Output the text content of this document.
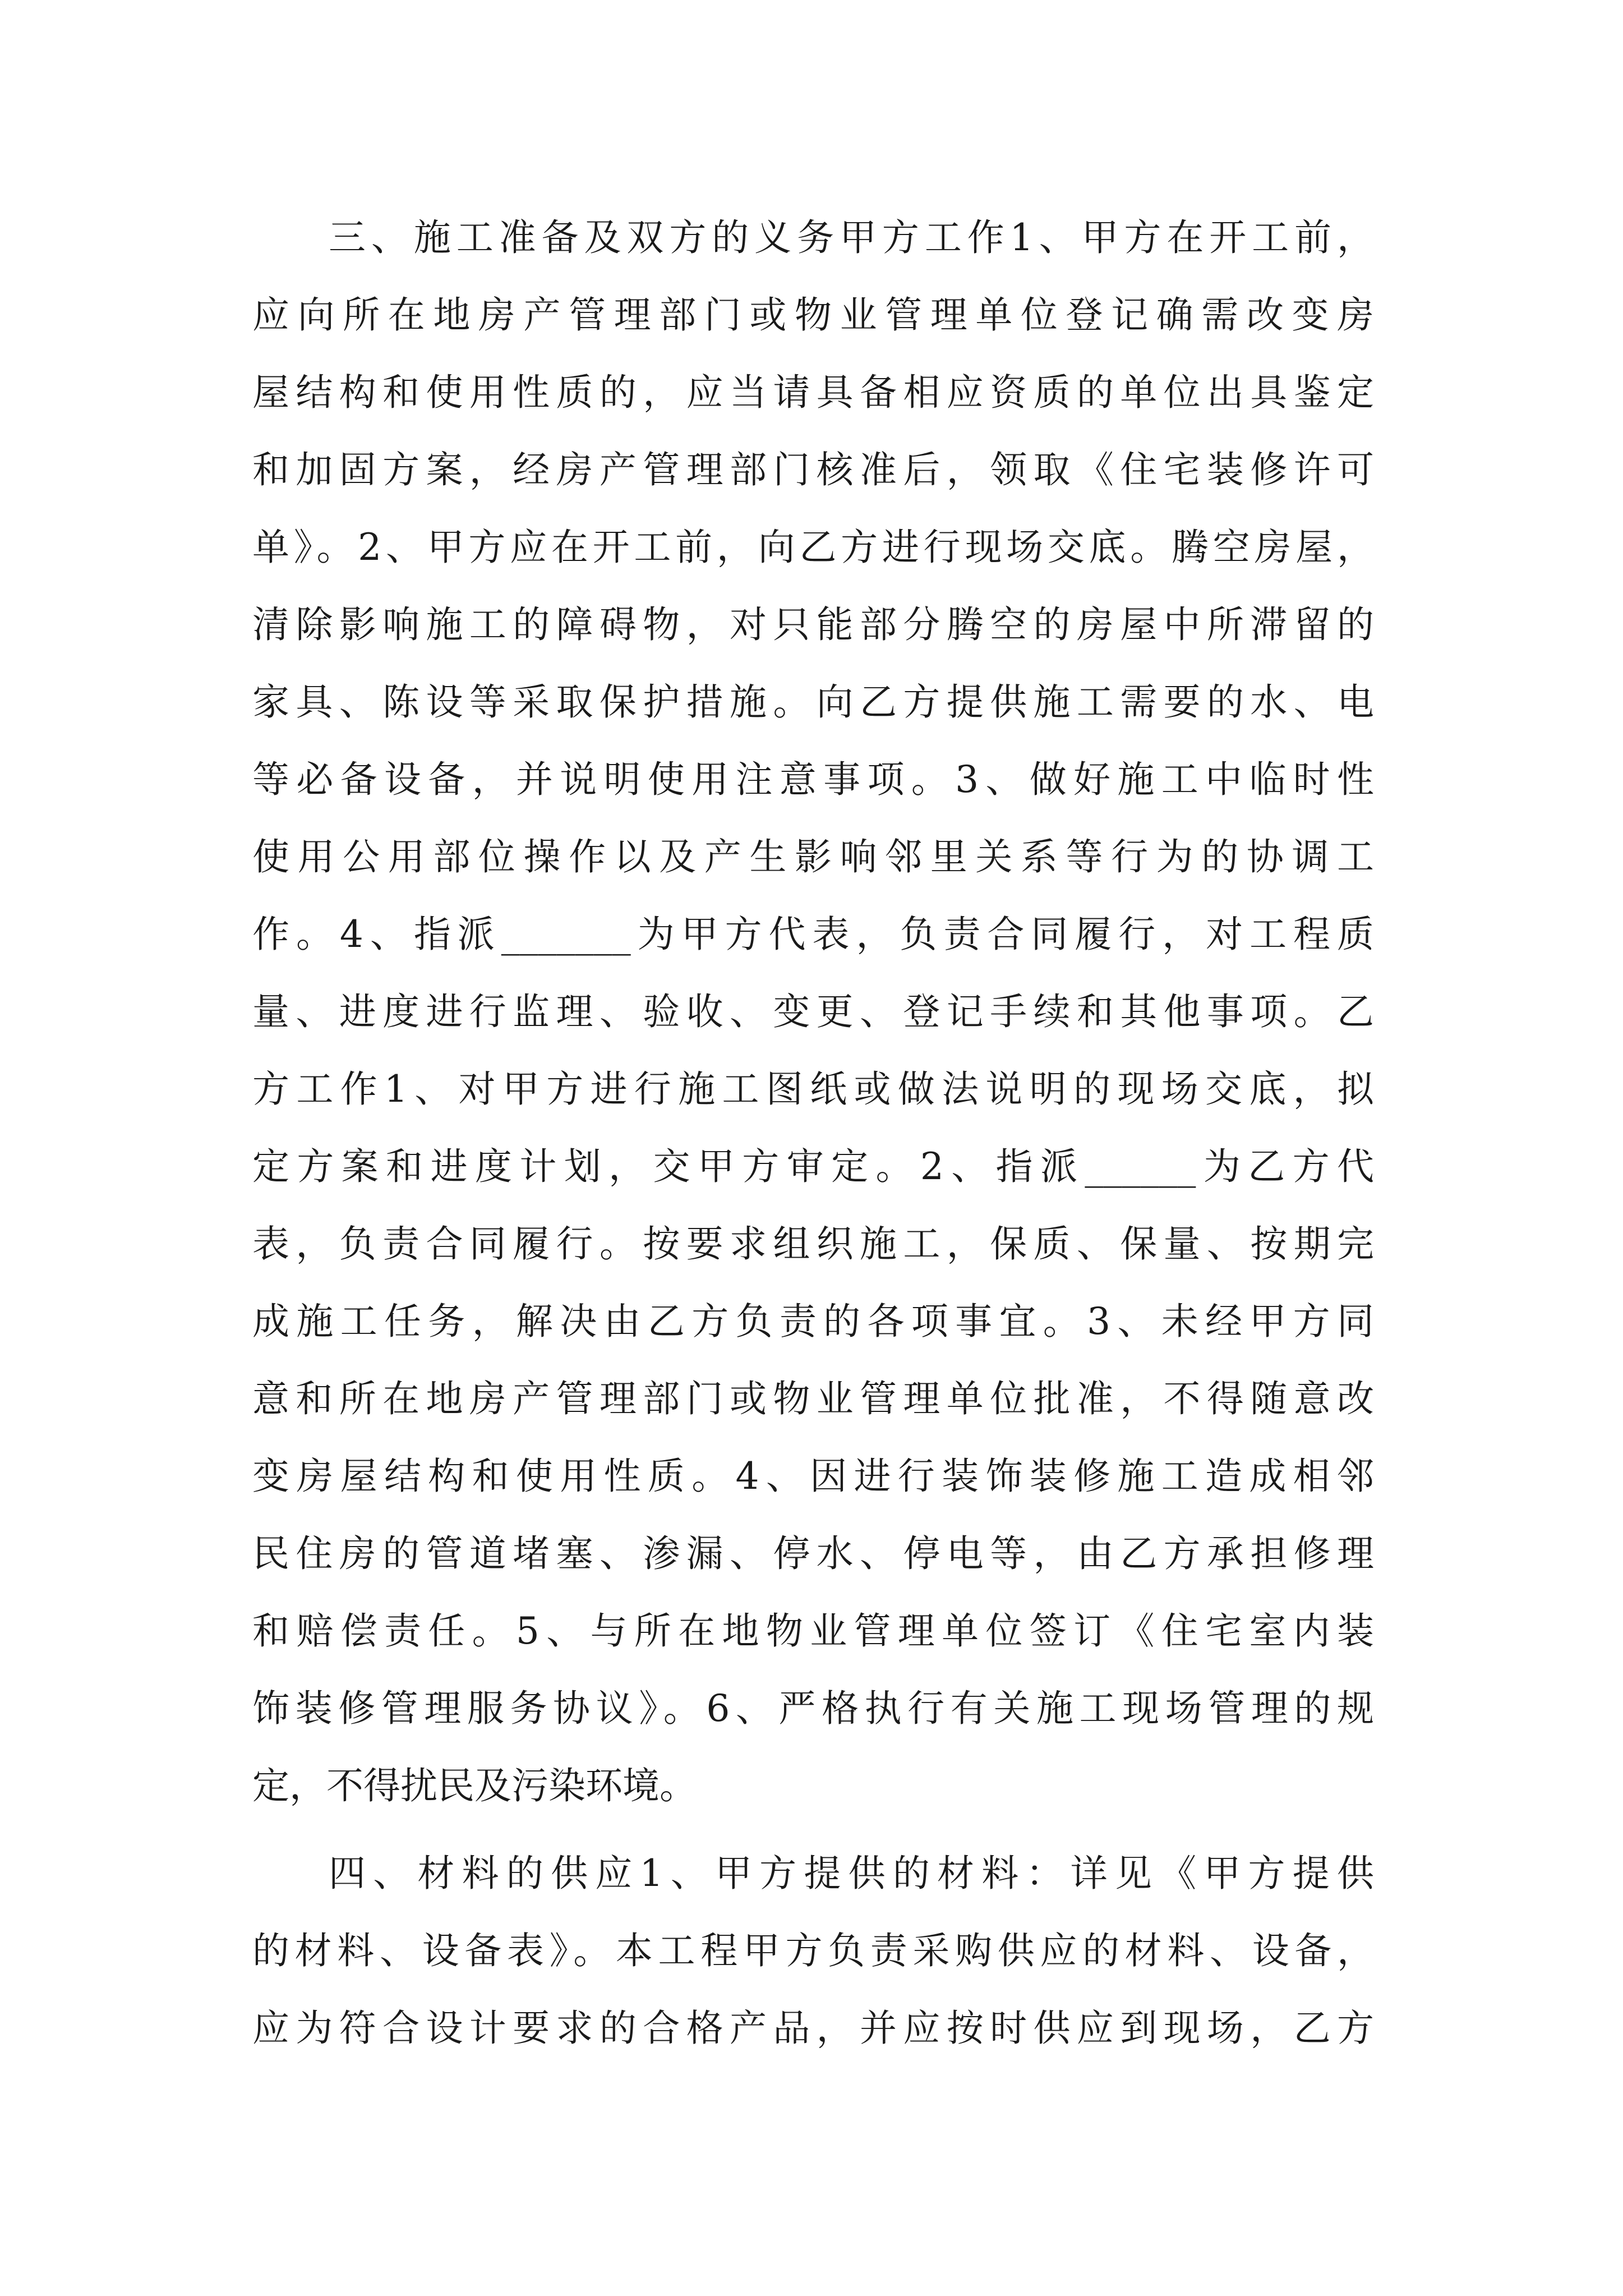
三、施工准备及双方的义务甲方工作1、甲方在开工前，
应向所在地房产管理部门或物业管理单位登记确需改变房
屋结构和使用性质的，应当请具备相应资质的单位出具鉴定
和加固方案，经房产管理部门核准后，领取《住宅装修许可
单》。2、甲方应在开工前，向乙方进行现场交底。腾空房屋，
清除影响施工的障碍物，对只能部分腾空的房屋中所滞留的
家具、陈设等采取保护措施。向乙方提供施工需要的水、电
等必备设备，并说明使用注意事项。3、做好施工中临时性
使用公用部位操作以及产生影响邻里关系等行为的协调工
作。4、指派_______为甲方代表，负责合同履行，对工程质
量、进度进行监理、验收、变更、登记手续和其他事项。乙
方工作1、对甲方进行施工图纸或做法说明的现场交底，拟
定方案和进度计划，交甲方审定。2、指派______为乙方代
表，负责合同履行。按要求组织施工，保质、保量、按期完
成施工任务，解决由乙方负责的各项事宜。3、未经甲方同
意和所在地房产管理部门或物业管理单位批准，不得随意改
变房屋结构和使用性质。4、因进行装饰装修施工造成相邻
民住房的管道堵塞、渗漏、停水、停电等，由乙方承担修理
和赔偿责任。5、与所在地物业管理单位签订《住宅室内装
饰装修管理服务协议》。6、严格执行有关施工现场管理的规
定，不得扰民及污染环境。
四、材料的供应1、甲方提供的材料：详见《甲方提供
的材料、设备表》。本工程甲方负责采购供应的材料、设备，
应为符合设计要求的合格产品，并应按时供应到现场，乙方
